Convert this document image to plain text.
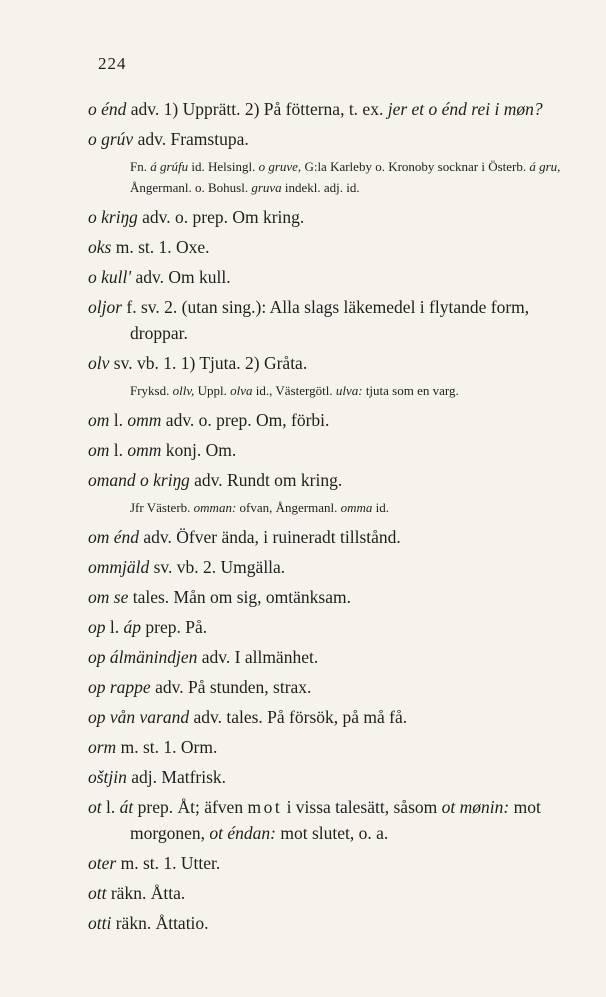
224

o énd adv. 1) Upprätt. 2) På fötterna, t. ex. jer et o énd rei i møn?

o grúv adv. Framstupa.

Fn. á grúfu id. Helsingl. o gruve, G:la Karleby o. Kronoby socknar i Österb. á gru, Ångermanl. o. Bohusl. gruva indekl. adj. id.

o kriŋg adv. o. prep. Om kring.

oks m. st. 1. Oxe.

o kull' adv. Om kull.

oljor f. sv. 2. (utan sing.): Alla slags läkemedel i flytande form, droppar.

olv sv. vb. 1. 1) Tjuta. 2) Gråta.

Fryksd. ollv, Uppl. olva id., Västergötl. ulva: tjuta som en varg.

om l. omm adv. o. prep. Om, förbi.

om l. omm konj. Om.

omand o kriŋg adv. Rundt om kring.

Jfr Västerb. omman: ofvan, Ångermanl. omma id.

om énd adv. Öfver ända, i ruineradt tillstånd.

ommjäld sv. vb. 2. Umgälla.

om se tales. Mån om sig, omtänksam.

op l. áp prep. På.

op álmänindjen adv. I allmänhet.

op rappe adv. På stunden, strax.

op vån varand adv. tales. På försök, på må få.

orm m. st. 1. Orm.

oštjin adj. Matfrisk.

ot l. át prep. Åt; äfven mot i vissa talesätt, såsom ot mønin: mot morgonen, ot éndan: mot slutet, o. a.

oter m. st. 1. Utter.

ott räkn. Åtta.

otti räkn. Åttatio.
